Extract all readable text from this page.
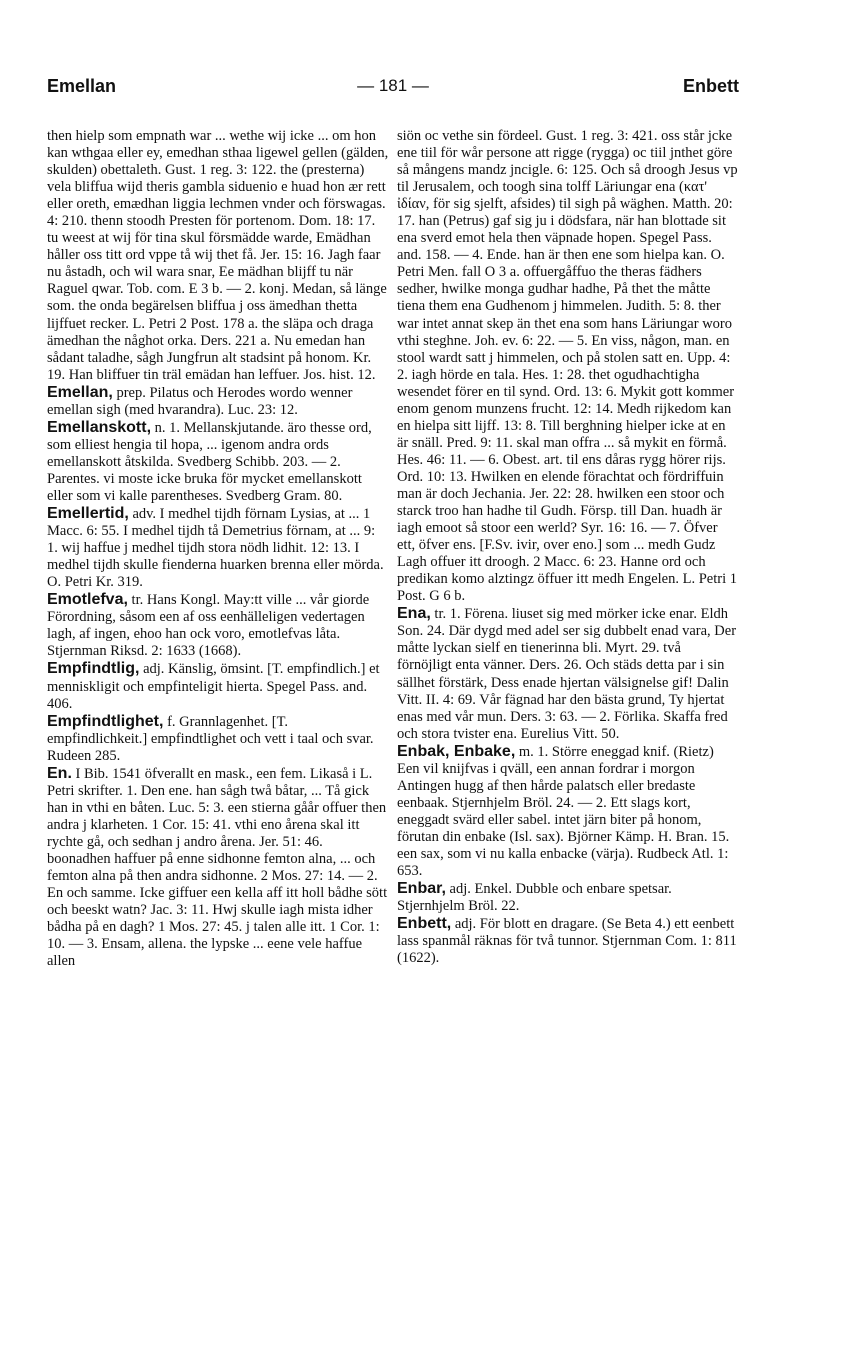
Emellan	— 181 —	Enbett

then hielp som empnath war ... wethe wij icke ... om hon kan wthgaa eller ey, emedhan sthaa ligewel gellen (gälden, skulden) obettaleth. Gust. 1 reg. 3: 122. the (presterna) vela bliffua wijd theris gambla siduenio e huad hon ær rett eller oreth, emædhan liggia lechmen vnder och förswagas. 4: 210. thenn stoodh Presten för portenom. Dom. 18: 17. tu weest at wij för tina skul försmädde warde, Emädhan håller oss titt ord vppe tå wij thet få. Jer. 15: 16. Jagh faar nu åstadh, och wil wara snar, Ee mädhan blijff tu när Raguel qwar. Tob. com. E 3 b. — 2. konj. Medan, så länge som. the onda begärelsen bliffua j oss ämedhan thetta lijffuet recker. L. Petri 2 Post. 178 a. the släpa och draga ämedhan the någhot orka. Ders. 221 a. Nu emedan han sådant taladhe, sågh Jungfrun alt stadsint på honom. Kr. 19. Han bliffuer tin träl emädan han leffuer. Jos. hist. 12.

Emellan, prep. Pilatus och Herodes wordo wenner emellan sigh (med hvarandra). Luc. 23: 12.

Emellanskott, n. 1. Mellanskjutande. äro thesse ord, som elliest hengia til hopa, ... igenom andra ords emellanskott åtskilda. Svedberg Schibb. 203. — 2. Parentes. vi moste icke bruka för mycket emellanskott eller som vi kalle parentheses. Svedberg Gram. 80.

Emellertid, adv. I medhel tijdh förnam Lysias, at ... 1 Macc. 6: 55. I medhel tijdh tå Demetrius förnam, at ... 9: 1. wij haffue j medhel tijdh stora nödh lidhit. 12: 13. I medhel tijdh skulle fienderna huarken brenna eller mörda. O. Petri Kr. 319.

Emotlefva, tr. Hans Kongl. May:tt ville ... vår giorde Förordning, såsom een af oss eenhälleligen vedertagen lagh, af ingen, ehoo han ock voro, emotlefvas låta. Stjernman Riksd. 2: 1633 (1668).

Empfindtlig, adj. Känslig, ömsint. [T. empfindlich.] et menniskligit och empfintеligit hierta. Spegel Pass. and. 406.

Empfindtlighet, f. Grannlagenhet. [T. empfindlichkeit.] empfindtlighet och vett i taal och svar. Rudeen 285.

En. I Bib. 1541 öfverallt en mask., een fem. Likaså i L. Petri skrifter. 1. Den ene. han sågh twå båtar, ... Tå gick han in vthi en båten. Luc. 5: 3. een stierna gåår offuer then andra j klarheten. 1 Cor. 15: 41. vthi eno årena skal itt rychte gå, och sedhan j andro årena. Jer. 51: 46. boonadhen haffuer på enne sidhonne femton alna, ... och femton alna på then andra sidhonne. 2 Mos. 27: 14. — 2. En och samme. Icke giffuer een kella aff itt holl bådhe sött och beeskt watn? Jac. 3: 11. Hwj skulle iagh mista idher bådha på en dagh? 1 Mos. 27: 45. j talen alle itt. 1 Cor. 1: 10. — 3. Ensam, allena. the lypske ... eene vele haffue allen

siön oc vethe sin fördeel. Gust. 1 reg. 3: 421. oss står jcke ene tiil för wår persone att rigge (rygga) oc tiil jnthet göre så mångens mandz jncigle. 6: 125. Och så droogh Jesus vp til Jerusalem, och toogh sina tolff Läriungar ena (κατ' ἰδίαν, för sig sjelft, afsides) til sigh på wäghen. Matth. 20: 17. han (Petrus) gaf sig ju i dödsfara, när han blottade sit ena sverd emot hela then väpnade hopen. Spegel Pass. and. 158. — 4. Ende. han är then ene som hielpa kan. O. Petri Men. fall O 3 a. offuergåffuo the theras fädhers sedher, hwilke monga gudhar hadhe, På thet the måtte tiena them ena Gudhenom j himmelen. Judith. 5: 8. ther war intet annat skep än thet ena som hans Läriungar woro vthi steghne. Joh. ev. 6: 22. — 5. En viss, någon, man. en stool wardt satt j himmelen, och på stolen satt en. Upp. 4: 2. iagh hörde en tala. Hes. 1: 28. thet ogudhachtigha wesendet förer en til synd. Ord. 13: 6. Mykit gott kommer enom genom munzens frucht. 12: 14. Medh rijkedom kan en hielpa sitt lijff. 13: 8. Till berghning hielper icke at en är snäll. Pred. 9: 11. skal man offra ... så mykit en förmå. Hes. 46: 11. — 6. Obest. art. til ens dåras rygg hörer rijs. Ord. 10: 13. Hwilken en elende förachtat och fördriffuin man är doch Jechania. Jer. 22: 28. hwilken een stoor och starck troo han hadhe til Gudh. Försp. till Dan. huadh är iagh emoot så stoor een werld? Syr. 16: 16. — 7. Öfver ett, öfver ens. [F.Sv. ivir, over eno.] som ... medh Gudz Lagh offuer itt droogh. 2 Macc. 6: 23. Hanne ord och predikan komo alztingz öffuer itt medh Engelen. L. Petri 1 Post. G 6 b.

Ena, tr. 1. Förena. liuset sig med mörker icke enar. Eldh Son. 24. Där dygd med adel ser sig dubbelt enad vara, Der måtte lyckan sielf en tienerinna bli. Myrt. 29. två förnöjligt enta vänner. Ders. 26. Och städs detta par i sin sällhet förstärk, Dess enade hjertan välsignelse gif! Dalin Vitt. II. 4: 69. Vår fägnad har den bästa grund, Ty hjertat enas med vår mun. Ders. 3: 63. — 2. Förlika. Skaffa fred och stora tvister ena. Eurelius Vitt. 50.

Enbak, Enbake, m. 1. Större eneggad knif. (Rietz) Een vil knijfvas i qväll, een annan fordrar i morgon Antingen hugg af then hårde palatsch eller bredaste eenbaak. Stjernhjelm Bröl. 24. — 2. Ett slags kort, eneggadt svärd eller sabel. intet järn biter på honom, förutan din enbake (Isl. sax). Björner Kämp. H. Bran. 15. een sax, som vi nu kalla enbacke (värja). Rudbeck Atl. 1: 653.

Enbar, adj. Enkel. Dubble och enbare spetsar. Stjernhjelm Bröl. 22.

Enbett, adj. För blott en dragare. (Se Beta 4.) ett eenbett lass spanmål räknas för två tunnor. Stjernman Com. 1: 811 (1622).
